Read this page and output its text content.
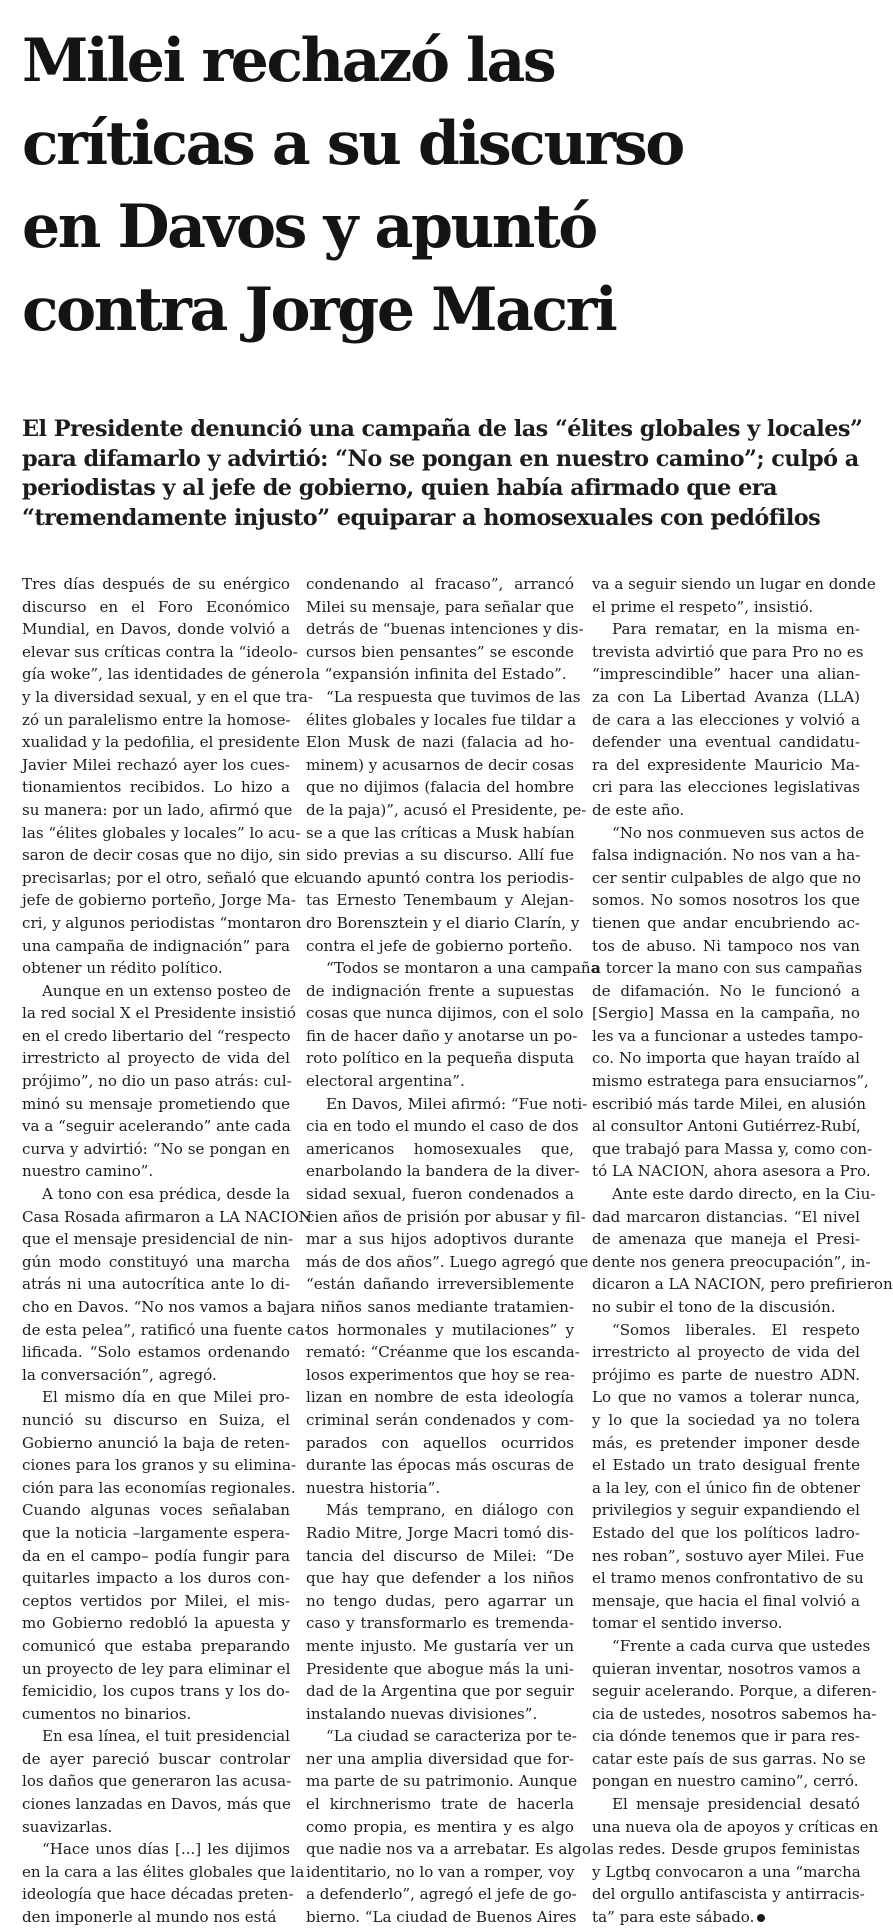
Milei rechazó las
críticas a su discurso
en Davos y apuntó
contra Jorge Macri
El Presidente denunció una campaña de las “élites globales y locales”
para difamarlo y advirtió: “No se pongan en nuestro camino”; culpó a
periodistas y al jefe de gobierno, quien había afirmado que era
“tremendamente injusto” equiparar a homosexuales con pedófilos

Tres días después de su enérgico
discurso en el Foro Económico
Mundial, en Davos, donde volvió a
elevar sus críticas contra la “ideolo-
gía woke”, las identidades de género
y la diversidad sexual, y en el que tra-
zó un paralelismo entre la homose-
xualidad y la pedofilia, el presidente
Javier Milei rechazó ayer los cues-
tionamientos recibidos. Lo hizo a
su manera: por un lado, afirmó que
las “élites globales y locales” lo acu-
saron de decir cosas que no dijo, sin
precisarlas; por el otro, señaló que el
jefe de gobierno porteño, Jorge Ma-
cri, y algunos periodistas “montaron
una campaña de indignación” para
obtener un rédito político.

Aunque en un extenso posteo de
la red social X el Presidente insistió
en el credo libertario del “respecto
irrestricto al proyecto de vida del
prójimo”, no dio un paso atrás: cul-
minó su mensaje prometiendo que
va a “seguir acelerando” ante cada
curva y advirtió: “No se pongan en
nuestro camino”.

A tono con esa prédica, desde la
Casa Rosada afirmaron a LA NACION
que el mensaje presidencial de nin-
gún modo constituyó una marcha
atrás ni una autocrítica ante lo di-
cho en Davos. “No nos vamos a bajar
de esta pelea”, ratificó una fuente ca-
lificada. “Solo estamos ordenando
la conversación”, agregó.

El mismo día en que Milei pro-
nunció su discurso en Suiza, el
Gobierno anunció la baja de reten-
ciones para los granos y su elimina-
ción para las economías regionales.
Cuando algunas voces señalaban
que la noticia –largamente espera-
da en el campo– podía fungir para
quitarles impacto a los duros con-
ceptos vertidos por Milei, el mis-
mo Gobierno redobló la apuesta y
comunicó que estaba preparando
un proyecto de ley para eliminar el
femicidio, los cupos trans y los do-
cumentos no binarios.

En esa línea, el tuit presidencial
de ayer pareció buscar controlar
los daños que generaron las acusa-
ciones lanzadas en Davos, más que
suavizarlas.

“Hace unos días [...] les dijimos
en la cara a las élites globales que la
ideología que hace décadas preten-
den imponerle al mundo nos está

condenando al fracaso”, arrancó
Milei su mensaje, para señalar que
detrás de “buenas intenciones y dis-
cursos bien pensantes” se esconde
la “expansión infinita del Estado”.

“La respuesta que tuvimos de las
élites globales y locales fue tildar a
Elon Musk de nazi (falacia ad ho-
minem) y acusarnos de decir cosas
que no dijimos (falacia del hombre
de la paja)”, acusó el Presidente, pe-
se a que las críticas a Musk habían
sido previas a su discurso. Allí fue
cuando apuntó contra los periodis-
tas Ernesto Tenembaum y Alejan-
dro Borensztein y el diario Clarín, y
contra el jefe de gobierno porteño.

“Todos se montaron a una campaña
de indignación frente a supuestas
cosas que nunca dijimos, con el solo
fin de hacer daño y anotarse un po-
roto político en la pequeña disputa
electoral argentina”.

En Davos, Milei afirmó: “Fue noti-
cia en todo el mundo el caso de dos
americanos homosexuales que,
enarbolando la bandera de la diver-
sidad sexual, fueron condenados a
cien años de prisión por abusar y fil-
mar a sus hijos adoptivos durante
más de dos años”. Luego agregó que
“están dañando irreversiblemente
a niños sanos mediante tratamien-
tos hormonales y mutilaciones” y
remató: “Créanme que los escanda-
losos experimentos que hoy se rea-
lizan en nombre de esta ideología
criminal serán condenados y com-
parados con aquellos ocurridos
durante las épocas más oscuras de
nuestra historia”.

Más temprano, en diálogo con
Radio Mitre, Jorge Macri tomó dis-
tancia del discurso de Milei: “De
que hay que defender a los niños
no tengo dudas, pero agarrar un
caso y transformarlo es tremenda-
mente injusto. Me gustaría ver un
Presidente que abogue más la uni-
dad de la Argentina que por seguir
instalando nuevas divisiones”.

“La ciudad se caracteriza por te-
ner una amplia diversidad que for-
ma parte de su patrimonio. Aunque
el kirchnerismo trate de hacerla
como propia, es mentira y es algo
que nadie nos va a arrebatar. Es algo
identitario, no lo van a romper, voy
a defenderlo”, agregó el jefe de go-
bierno. “La ciudad de Buenos Aires

va a seguir siendo un lugar en donde
el prime el respeto”, insistió.

Para rematar, en la misma en-
trevista advirtió que para Pro no es
“imprescindible” hacer una alian-
za con La Libertad Avanza (LLA)
de cara a las elecciones y volvió a
defender una eventual candidatu-
ra del expresidente Mauricio Ma-
cri para las elecciones legislativas
de este año.

“No nos conmueven sus actos de
falsa indignación. No nos van a ha-
cer sentir culpables de algo que no
somos. No somos nosotros los que
tienen que andar encubriendo ac-
tos de abuso. Ni tampoco nos van
a torcer la mano con sus campañas
de difamación. No le funcionó a
[Sergio] Massa en la campaña, no
les va a funcionar a ustedes tampo-
co. No importa que hayan traído al
mismo estratega para ensuciarnos”,
escribió más tarde Milei, en alusión
al consultor Antoni Gutiérrez-Rubí,
que trabajó para Massa y, como con-
tó LA NACION, ahora asesora a Pro.

Ante este dardo directo, en la Ciu-
dad marcaron distancias. “El nivel
de amenaza que maneja el Presi-
dente nos genera preocupación”, in-
dicaron a LA NACION, pero prefirieron
no subir el tono de la discusión.

“Somos liberales. El respeto
irrestricto al proyecto de vida del
prójimo es parte de nuestro ADN.
Lo que no vamos a tolerar nunca,
y lo que la sociedad ya no tolera
más, es pretender imponer desde
el Estado un trato desigual frente
a la ley, con el único fin de obtener
privilegios y seguir expandiendo el
Estado del que los políticos ladro-
nes roban”, sostuvo ayer Milei. Fue
el tramo menos confrontativo de su
mensaje, que hacia el final volvió a
tomar el sentido inverso.

“Frente a cada curva que ustedes
quieran inventar, nosotros vamos a
seguir acelerando. Porque, a diferen-
cia de ustedes, nosotros sabemos ha-
cia dónde tenemos que ir para res-
catar este país de sus garras. No se
pongan en nuestro camino”, cerró.

El mensaje presidencial desató
una nueva ola de apoyos y críticas en
las redes. Desde grupos feministas
y Lgtbq convocaron a una “marcha
del orgullo antifascista y antirracis-
ta” para este sábado.
